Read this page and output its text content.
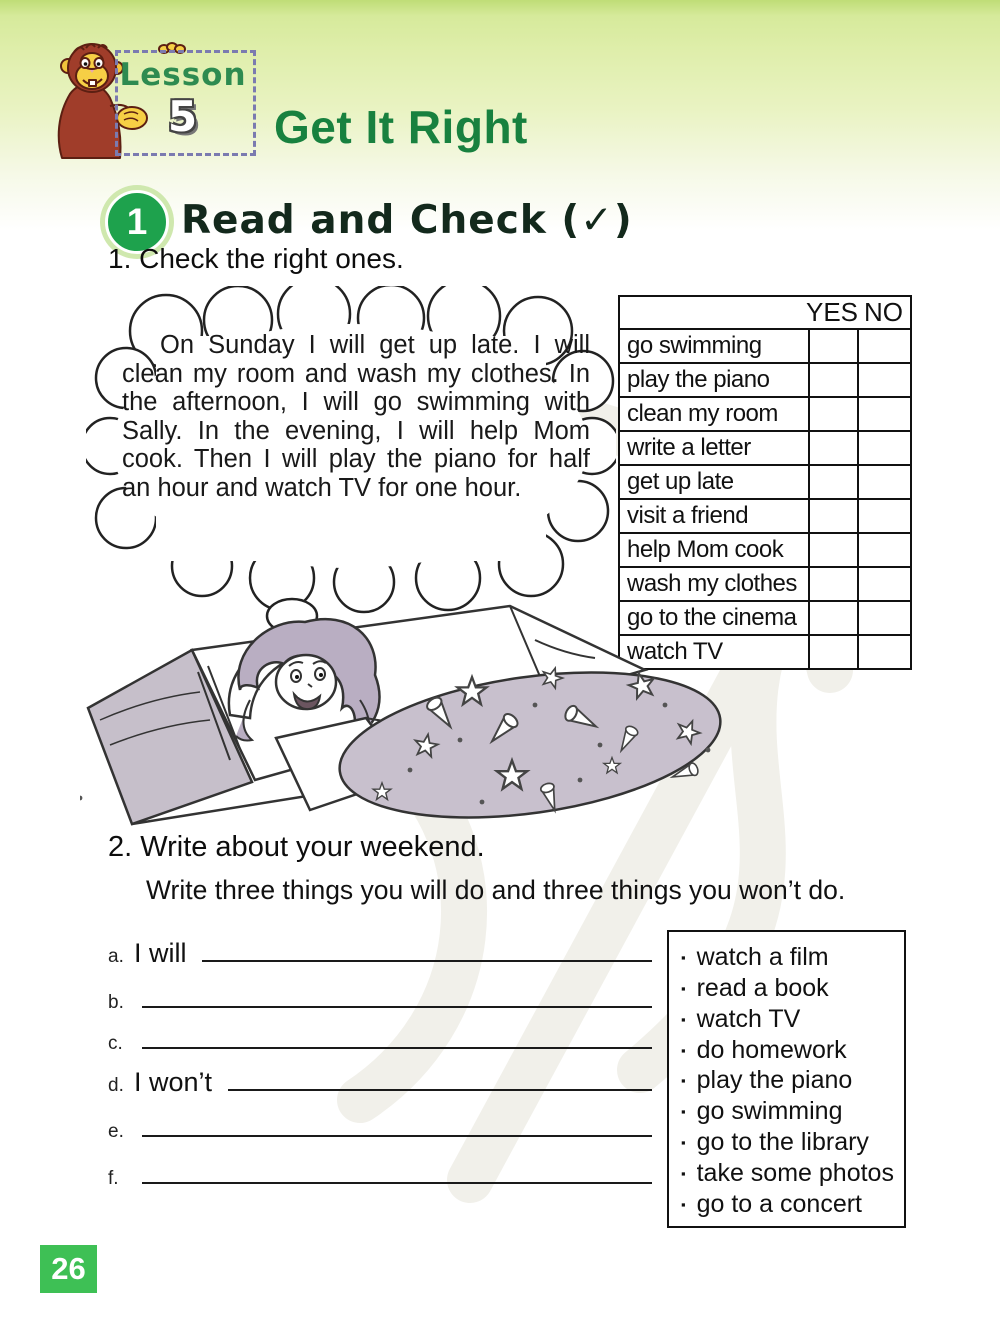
Lesson
5	Get It Right
1 Read and Check (✓)
1. Check the right ones.
On Sunday I will get up late. I will clean my room and wash my clothes. In the afternoon, I will go swimming with Sally. In the evening, I will help Mom cook. Then I will play the piano for half an hour and watch TV for one hour.
YES NO
go swimming
play the piano
clean my room
write a letter
get up late
visit a friend
help Mom cook
wash my clothes
go to the cinema
watch TV
2. Write about your weekend.
Write three things you will do and three things you won’t do.
a. I will
b.
c.
d. I won’t
e.
f.
▪ watch a film
▪ read a book
▪ watch TV
▪ do homework
▪ play the piano
▪ go swimming
▪ go to the library
▪ take some photos
▪ go to a concert
26
